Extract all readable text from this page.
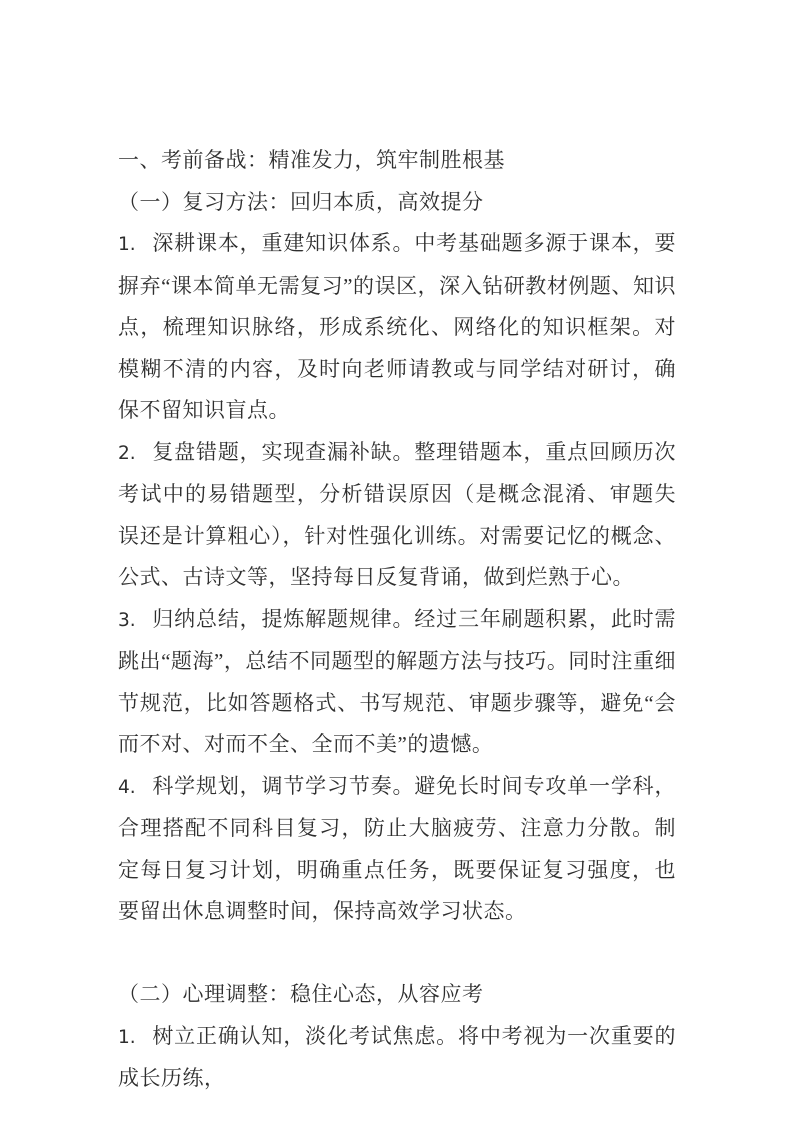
一、考前备战：精准发力，筑牢制胜根基

（一）复习方法：回归本质，高效提分

1. 深耕课本，重建知识体系。中考基础题多源于课本，要摒弃“课本简单无需复习”的误区，深入钻研教材例题、知识点，梳理知识脉络，形成系统化、网络化的知识框架。对模糊不清的内容，及时向老师请教或与同学结对研讨，确保不留知识盲点。

2. 复盘错题，实现查漏补缺。整理错题本，重点回顾历次考试中的易错题型，分析错误原因（是概念混淆、审题失误还是计算粗心），针对性强化训练。对需要记忆的概念、公式、古诗文等，坚持每日反复背诵，做到烂熟于心。

3. 归纳总结，提炼解题规律。经过三年刷题积累，此时需跳出“题海”，总结不同题型的解题方法与技巧。同时注重细节规范，比如答题格式、书写规范、审题步骤等，避免“会而不对、对而不全、全而不美”的遗憾。

4. 科学规划，调节学习节奏。避免长时间专攻单一学科，合理搭配不同科目复习，防止大脑疲劳、注意力分散。制定每日复习计划，明确重点任务，既要保证复习强度，也要留出休息调整时间，保持高效学习状态。

（二）心理调整：稳住心态，从容应考

1. 树立正确认知，淡化考试焦虑。将中考视为一次重要的成长历练，
